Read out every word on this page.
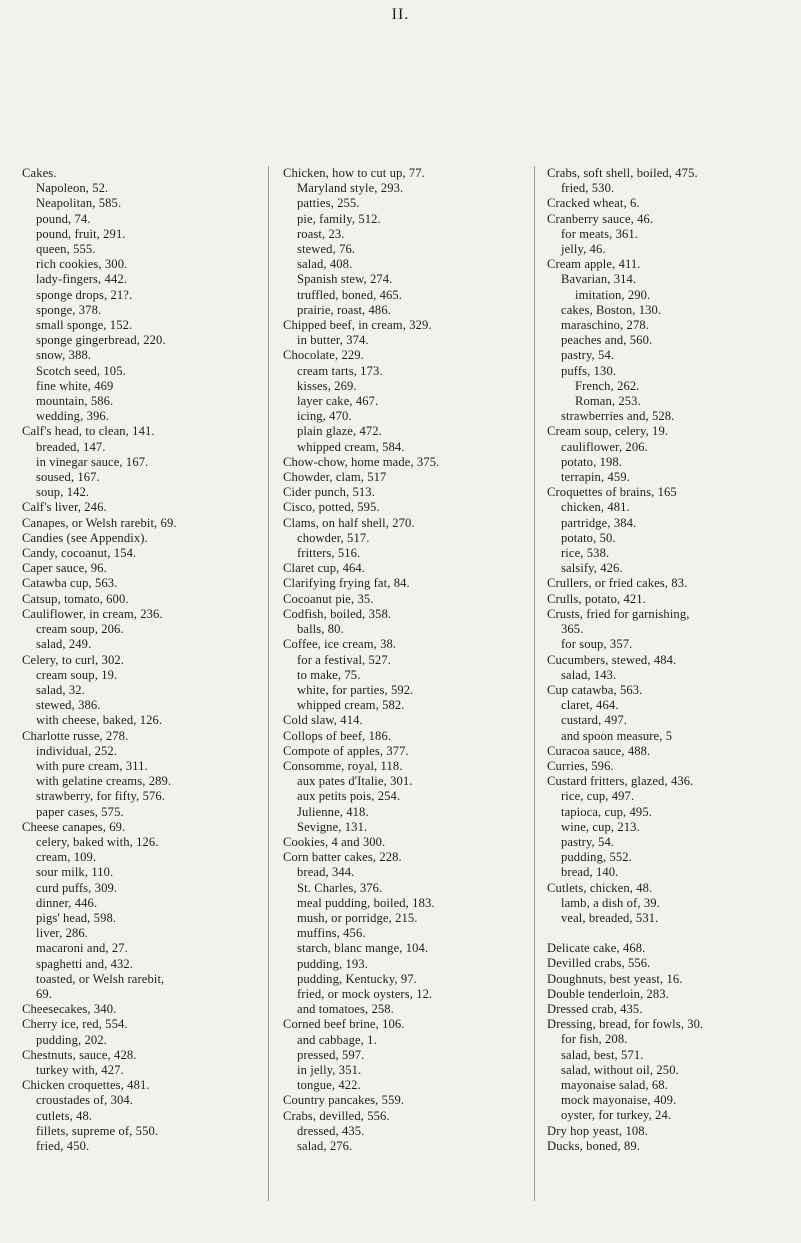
II.
Cakes.
Napoleon, 52.
Neapolitan, 585.
pound, 74.
pound, fruit, 291.
queen, 555.
rich cookies, 300.
lady-fingers, 442.
sponge drops, 21?.
sponge, 378.
small sponge, 152.
sponge gingerbread, 220.
snow, 388.
Scotch seed, 105.
fine white, 469
mountain, 586.
wedding, 396.
Calf's head, to clean, 141.
breaded, 147.
in vinegar sauce, 167.
soused, 167.
soup, 142.
Calf's liver, 246.
Canapes, or Welsh rarebit, 69.
Candies (see Appendix).
Candy, cocoanut, 154.
Caper sauce, 96.
Catawba cup, 563.
Catsup, tomato, 600.
Cauliflower, in cream, 236.
cream soup, 206.
salad, 249.
Celery, to curl, 302.
cream soup, 19.
salad, 32.
stewed, 386.
with cheese, baked, 126.
Charlotte russe, 278.
individual, 252.
with pure cream, 311.
with gelatine creams, 289.
strawberry, for fifty, 576.
paper cases, 575.
Cheese canapes, 69.
celery, baked with, 126.
cream, 109.
sour milk, 110.
curd puffs, 309.
dinner, 446.
pigs' head, 598.
liver, 286.
macaroni and, 27.
spaghetti and, 432.
toasted, or Welsh rarebit,
69.
Cheesecakes, 340.
Cherry ice, red, 554.
pudding, 202.
Chestnuts, sauce, 428.
turkey with, 427.
Chicken croquettes, 481.
croustades of, 304.
cutlets, 48.
fillets, supreme of, 550.
fried, 450.
Chicken, how to cut up, 77.
Maryland style, 293.
patties, 255.
pie, family, 512.
roast, 23.
stewed, 76.
salad, 408.
Spanish stew, 274.
truffled, boned, 465.
prairie, roast, 486.
Chipped beef, in cream, 329.
in butter, 374.
Chocolate, 229.
cream tarts, 173.
kisses, 269.
layer cake, 467.
icing, 470.
plain glaze, 472.
whipped cream, 584.
Chow-chow, home made, 375.
Chowder, clam, 517
Cider punch, 513.
Cisco, potted, 595.
Clams, on half shell, 270.
chowder, 517.
fritters, 516.
Claret cup, 464.
Clarifying frying fat, 84.
Cocoanut pie, 35.
Codfish, boiled, 358.
balls, 80.
Coffee, ice cream, 38.
for a festival, 527.
to make, 75.
white, for parties, 592.
whipped cream, 582.
Cold slaw, 414.
Collops of beef, 186.
Compote of apples, 377.
Consomme, royal, 118.
aux pates d'Italie, 301.
aux petits pois, 254.
Julienne, 418.
Sevigne, 131.
Cookies, 4 and 300.
Corn batter cakes, 228.
bread, 344.
St. Charles, 376.
meal pudding, boiled, 183.
mush, or porridge, 215.
muffins, 456.
starch, blanc mange, 104.
pudding, 193.
pudding, Kentucky, 97.
fried, or mock oysters, 12.
and tomatoes, 258.
Corned beef brine, 106.
and cabbage, 1.
pressed, 597.
in jelly, 351.
tongue, 422.
Country pancakes, 559.
Crabs, devilled, 556.
dressed, 435.
salad, 276.
Crabs, soft shell, boiled, 475.
fried, 530.
Cracked wheat, 6.
Cranberry sauce, 46.
for meats, 361.
jelly, 46.
Cream apple, 411.
Bavarian, 314.
imitation, 290.
cakes, Boston, 130.
maraschino, 278.
peaches and, 560.
pastry, 54.
puffs, 130.
French, 262.
Roman, 253.
strawberries and, 528.
Cream soup, celery, 19.
cauliflower, 206.
potato, 198.
terrapin, 459.
Croquettes of brains, 165
chicken, 481.
partridge, 384.
potato, 50.
rice, 538.
salsify, 426.
Crullers, or fried cakes, 83.
Crulls, potato, 421.
Crusts, fried for garnishing,
365.
for soup, 357.
Cucumbers, stewed, 484.
salad, 143.
Cup catawba, 563.
claret, 464.
custard, 497.
and spoon measure, 5
Curacoa sauce, 488.
Curries, 596.
Custard fritters, glazed, 436.
rice, cup, 497.
tapioca, cup, 495.
wine, cup, 213.
pastry, 54.
pudding, 552.
bread, 140.
Cutlets, chicken, 48.
lamb, a dish of, 39.
veal, breaded, 531.
Delicate cake, 468.
Devilled crabs, 556.
Doughnuts, best yeast, 16.
Double tenderloin, 283.
Dressed crab, 435.
Dressing, bread, for fowls, 30.
for fish, 208.
salad, best, 571.
salad, without oil, 250.
mayonaise salad, 68.
mock mayonaise, 409.
oyster, for turkey, 24.
Dry hop yeast, 108.
Ducks, boned, 89.
